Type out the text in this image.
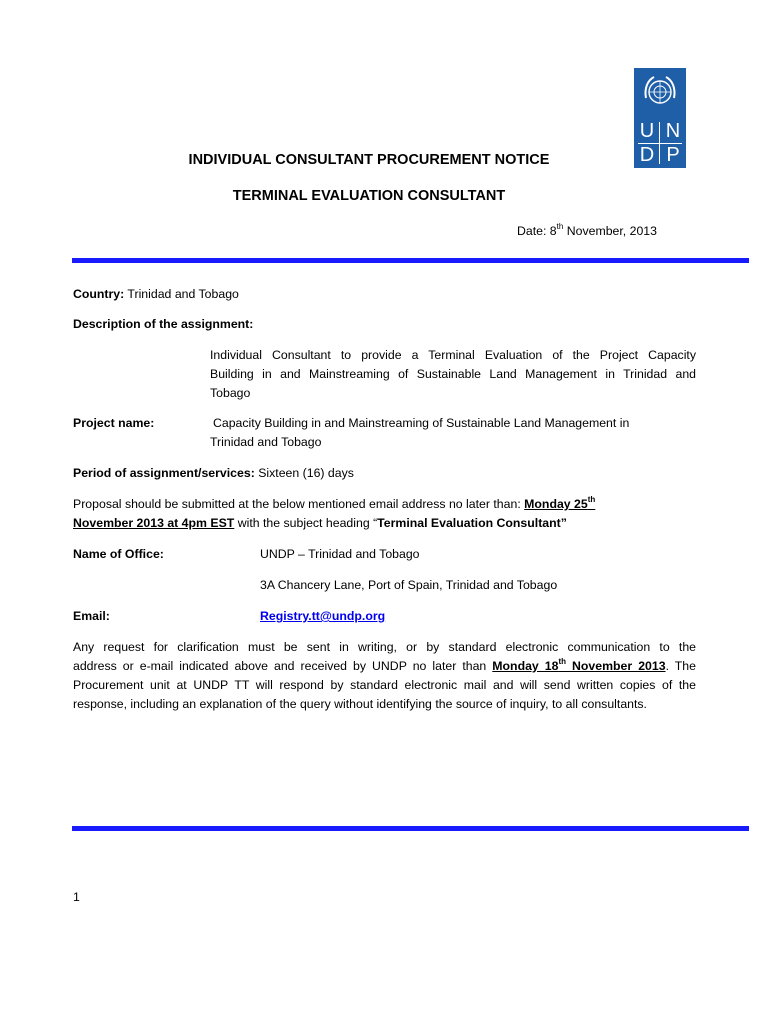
U N
D P
INDIVIDUAL CONSULTANT PROCUREMENT NOTICE
TERMINAL EVALUATION CONSULTANT
Date: 8th November, 2013
Country: Trinidad and Tobago
Description of the assignment:
Individual Consultant to provide a Terminal Evaluation of the Project Capacity
Building in and Mainstreaming of Sustainable Land Management in Trinidad and
Tobago
Project name:	Capacity Building in and Mainstreaming of Sustainable Land Management in
Trinidad and Tobago
Period of assignment/services: Sixteen (16) days
Proposal should be submitted at the below mentioned email address no later than: Monday 25th
November 2013 at 4pm EST with the subject heading “Terminal Evaluation Consultant”
Name of Office:	UNDP – Trinidad and Tobago
3A Chancery Lane, Port of Spain, Trinidad and Tobago
Email:	Registry.tt@undp.org
Any request for clarification must be sent in writing, or by standard electronic communication to the
address or e-mail indicated above and received by UNDP no later than Monday 18th November 2013. The
Procurement unit at UNDP TT will respond by standard electronic mail and will send written copies of the
response, including an explanation of the query without identifying the source of inquiry, to all consultants.
1
